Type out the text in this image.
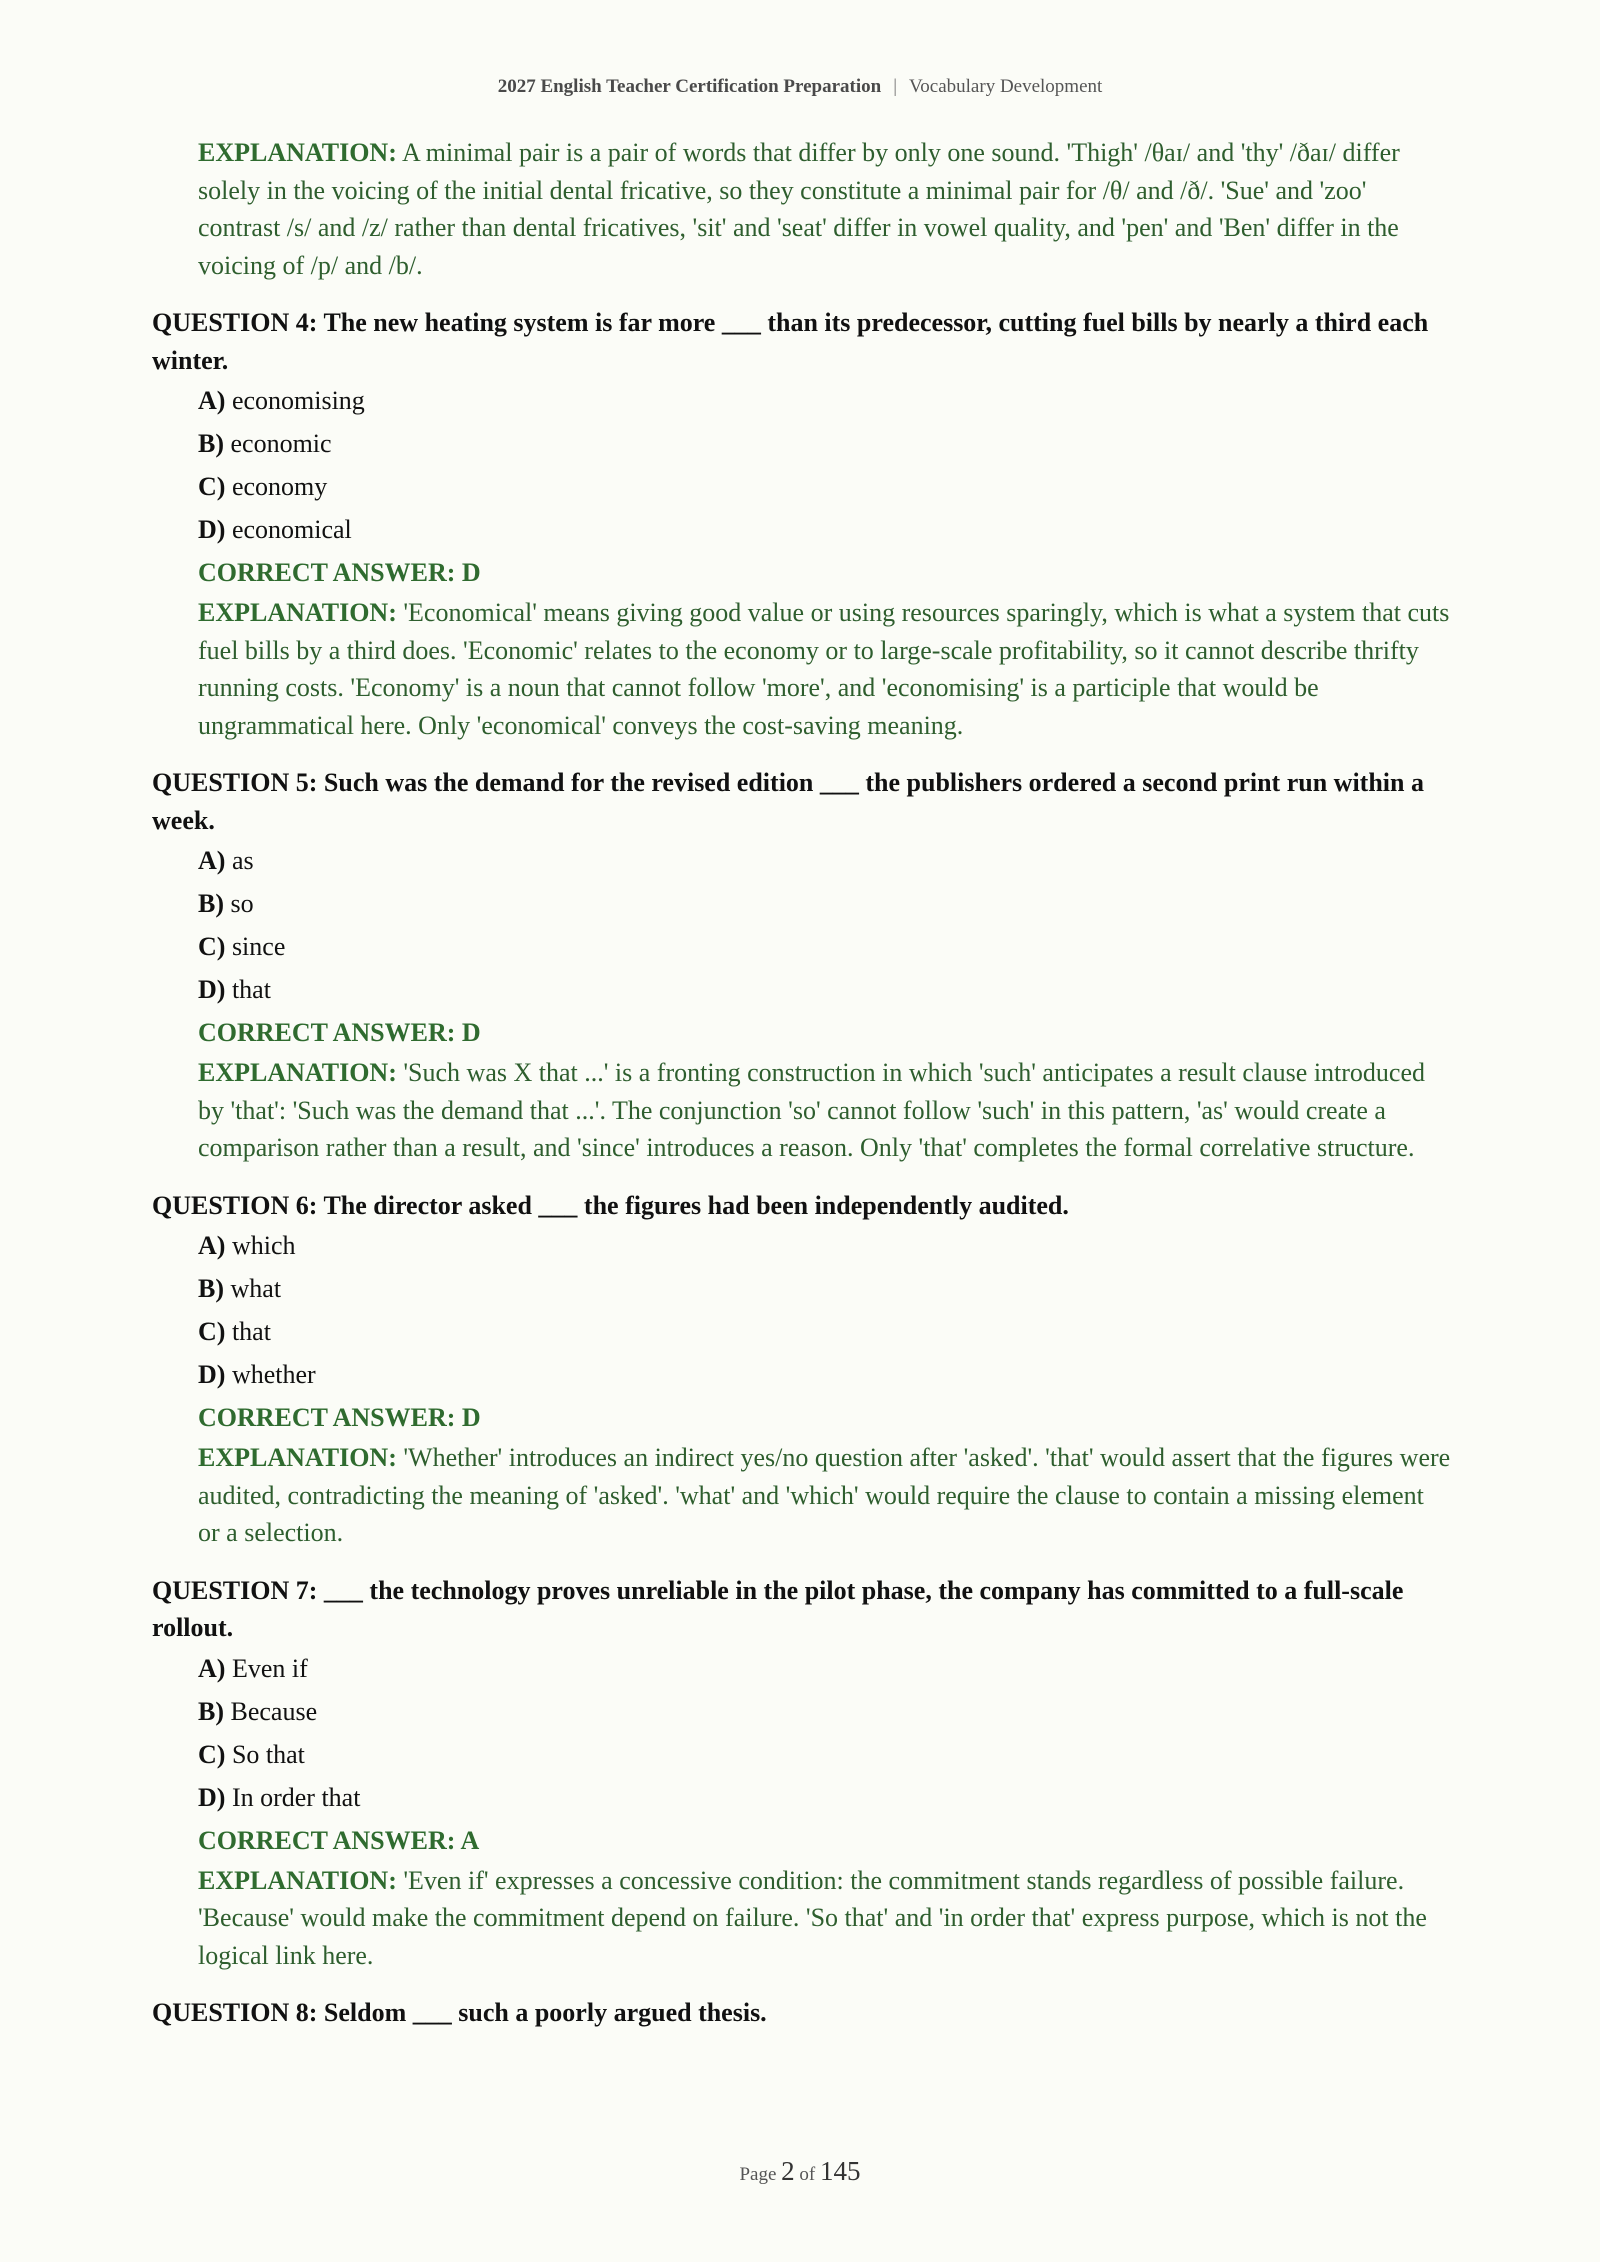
2027 English Teacher Certification Preparation | Vocabulary Development
EXPLANATION: A minimal pair is a pair of words that differ by only one sound. 'Thigh' /θaɪ/ and 'thy' /ðaɪ/ differ solely in the voicing of the initial dental fricative, so they constitute a minimal pair for /θ/ and /ð/. 'Sue' and 'zoo' contrast /s/ and /z/ rather than dental fricatives, 'sit' and 'seat' differ in vowel quality, and 'pen' and 'Ben' differ in the voicing of /p/ and /b/.
QUESTION 4: The new heating system is far more ___ than its predecessor, cutting fuel bills by nearly a third each winter.
A) economising
B) economic
C) economy
D) economical
CORRECT ANSWER: D
EXPLANATION: 'Economical' means giving good value or using resources sparingly, which is what a system that cuts fuel bills by a third does. 'Economic' relates to the economy or to large-scale profitability, so it cannot describe thrifty running costs. 'Economy' is a noun that cannot follow 'more', and 'economising' is a participle that would be ungrammatical here. Only 'economical' conveys the cost-saving meaning.
QUESTION 5: Such was the demand for the revised edition ___ the publishers ordered a second print run within a week.
A) as
B) so
C) since
D) that
CORRECT ANSWER: D
EXPLANATION: 'Such was X that ...' is a fronting construction in which 'such' anticipates a result clause introduced by 'that': 'Such was the demand that ...'. The conjunction 'so' cannot follow 'such' in this pattern, 'as' would create a comparison rather than a result, and 'since' introduces a reason. Only 'that' completes the formal correlative structure.
QUESTION 6: The director asked ___ the figures had been independently audited.
A) which
B) what
C) that
D) whether
CORRECT ANSWER: D
EXPLANATION: 'Whether' introduces an indirect yes/no question after 'asked'. 'that' would assert that the figures were audited, contradicting the meaning of 'asked'. 'what' and 'which' would require the clause to contain a missing element or a selection.
QUESTION 7: ___ the technology proves unreliable in the pilot phase, the company has committed to a full-scale rollout.
A) Even if
B) Because
C) So that
D) In order that
CORRECT ANSWER: A
EXPLANATION: 'Even if' expresses a concessive condition: the commitment stands regardless of possible failure. 'Because' would make the commitment depend on failure. 'So that' and 'in order that' express purpose, which is not the logical link here.
QUESTION 8: Seldom ___ such a poorly argued thesis.
Page 2 of 145
